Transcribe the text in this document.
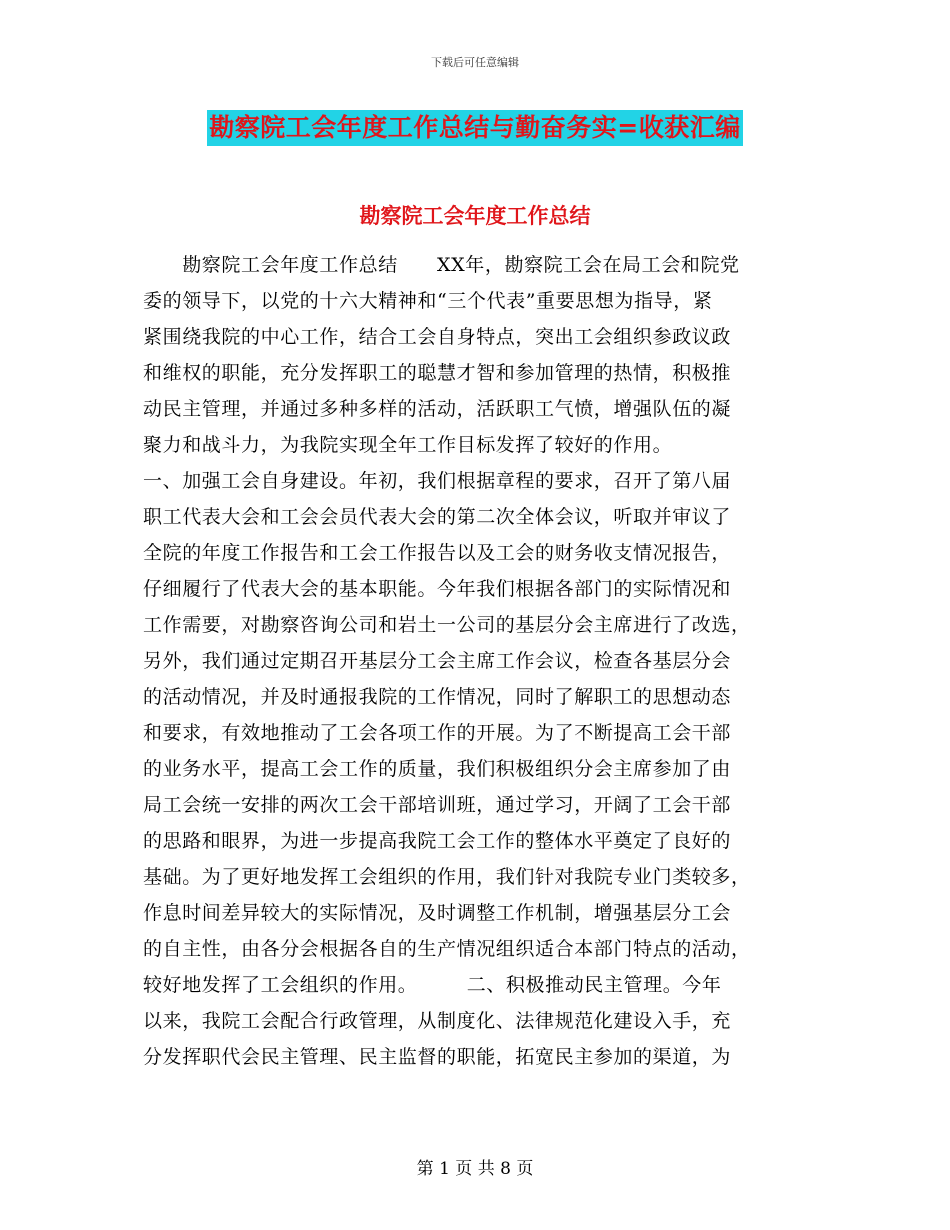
下载后可任意编辑
勘察院工会年度工作总结与勤奋务实=收获汇编
勘察院工会年度工作总结
　　勘察院工会年度工作总结　　XX年，勘察院工会在局工会和院党
委的领导下，以党的十六大精神和“三个代表”重要思想为指导，紧
紧围绕我院的中心工作，结合工会自身特点，突出工会组织参政议政
和维权的职能，充分发挥职工的聪慧才智和参加管理的热情，积极推
动民主管理，并通过多种多样的活动，活跃职工气愤，增强队伍的凝
聚力和战斗力，为我院实现全年工作目标发挥了较好的作用。
一、加强工会自身建设。年初，我们根据章程的要求，召开了第八届
职工代表大会和工会会员代表大会的第二次全体会议，听取并审议了
全院的年度工作报告和工会工作报告以及工会的财务收支情况报告，
仔细履行了代表大会的基本职能。今年我们根据各部门的实际情况和
工作需要，对勘察咨询公司和岩土一公司的基层分会主席进行了改选，
另外，我们通过定期召开基层分工会主席工作会议，检查各基层分会
的活动情况，并及时通报我院的工作情况，同时了解职工的思想动态
和要求，有效地推动了工会各项工作的开展。为了不断提高工会干部
的业务水平，提高工会工作的质量，我们积极组织分会主席参加了由
局工会统一安排的两次工会干部培训班，通过学习，开阔了工会干部
的思路和眼界，为进一步提高我院工会工作的整体水平奠定了良好的
基础。为了更好地发挥工会组织的作用，我们针对我院专业门类较多，
作息时间差异较大的实际情况，及时调整工作机制，增强基层分工会
的自主性，由各分会根据各自的生产情况组织适合本部门特点的活动，
较好地发挥了工会组织的作用。　　　二、积极推动民主管理。今年
以来，我院工会配合行政管理，从制度化、法律规范化建设入手，充
分发挥职代会民主管理、民主监督的职能，拓宽民主参加的渠道，为
第 1 页 共 8 页
